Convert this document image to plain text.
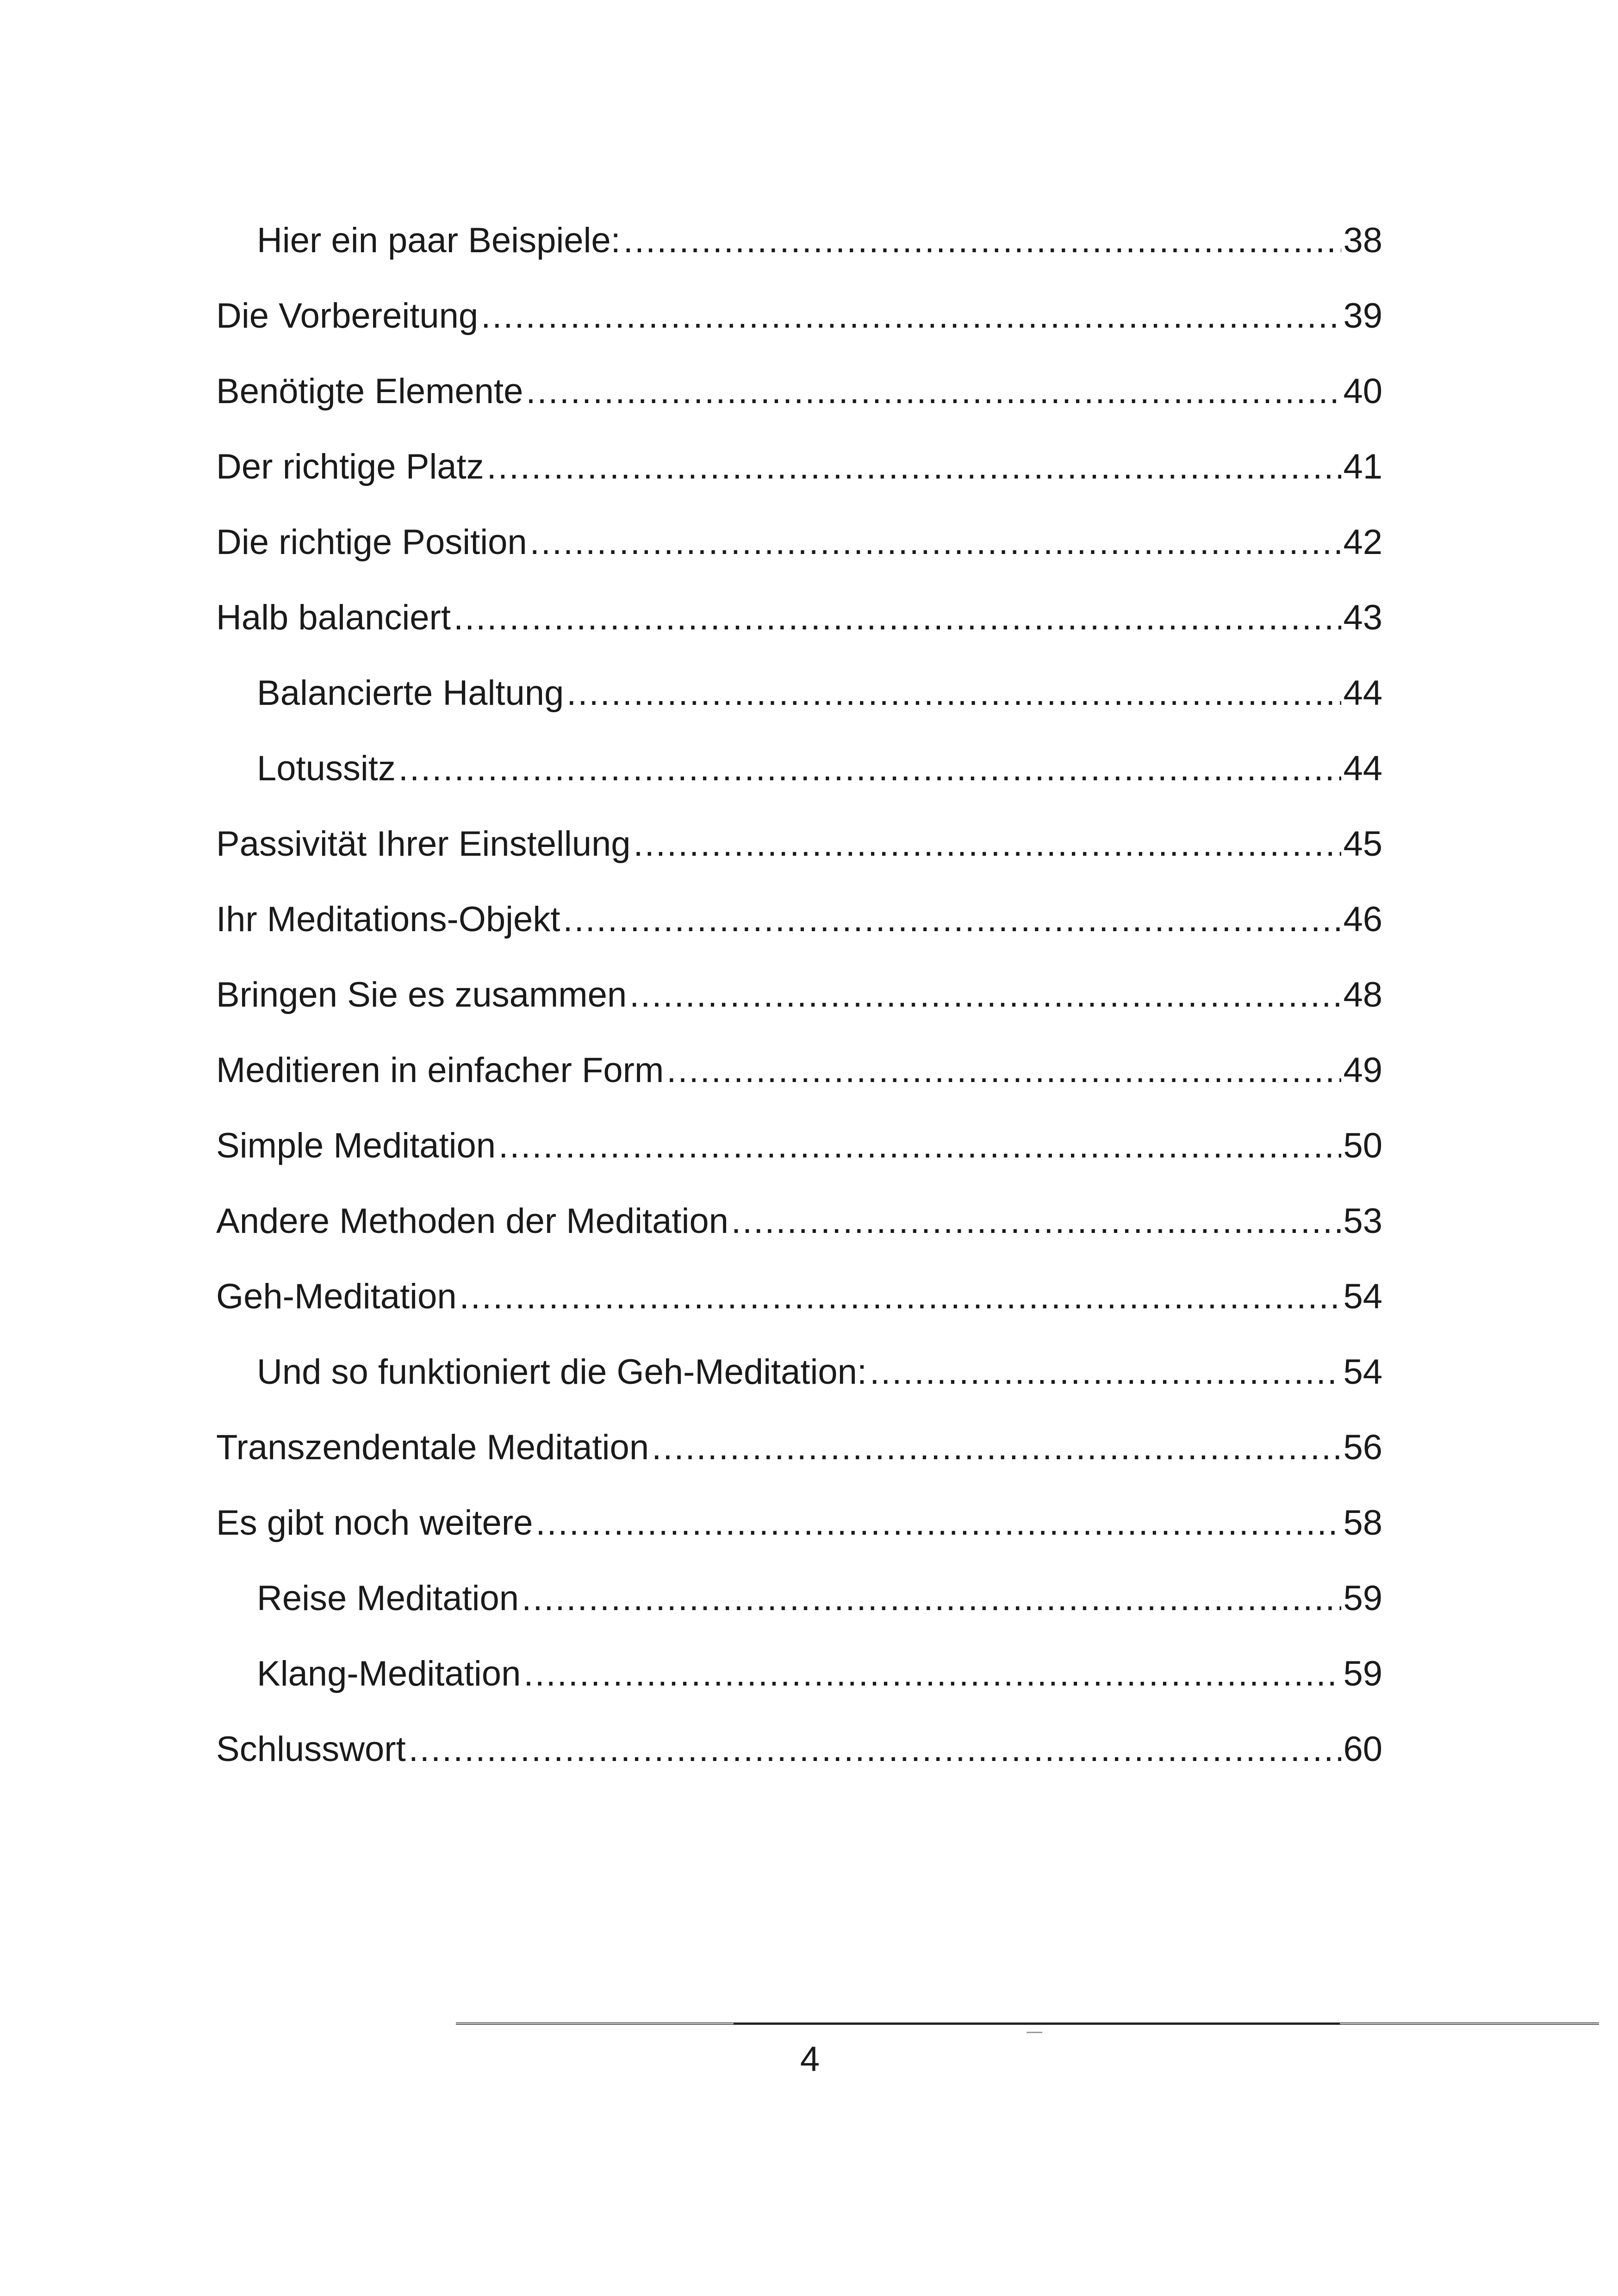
Hier ein paar Beispiele: .....	38
Die Vorbereitung .....	39
Benötigte Elemente .....	40
Der richtige Platz .....	41
Die richtige Position .....	42
Halb balanciert .....	43
Balancierte Haltung .....	44
Lotussitz .....	44
Passivität Ihrer Einstellung .....	45
Ihr Meditations-Objekt .....	46
Bringen Sie es zusammen .....	48
Meditieren in einfacher Form .....	49
Simple Meditation .....	50
Andere Methoden der Meditation .....	53
Geh-Meditation .....	54
Und so funktioniert die Geh-Meditation: .....	54
Transzendentale Meditation .....	56
Es gibt noch weitere .....	58
Reise Meditation .....	59
Klang-Meditation .....	59
Schlusswort .....	60
4
